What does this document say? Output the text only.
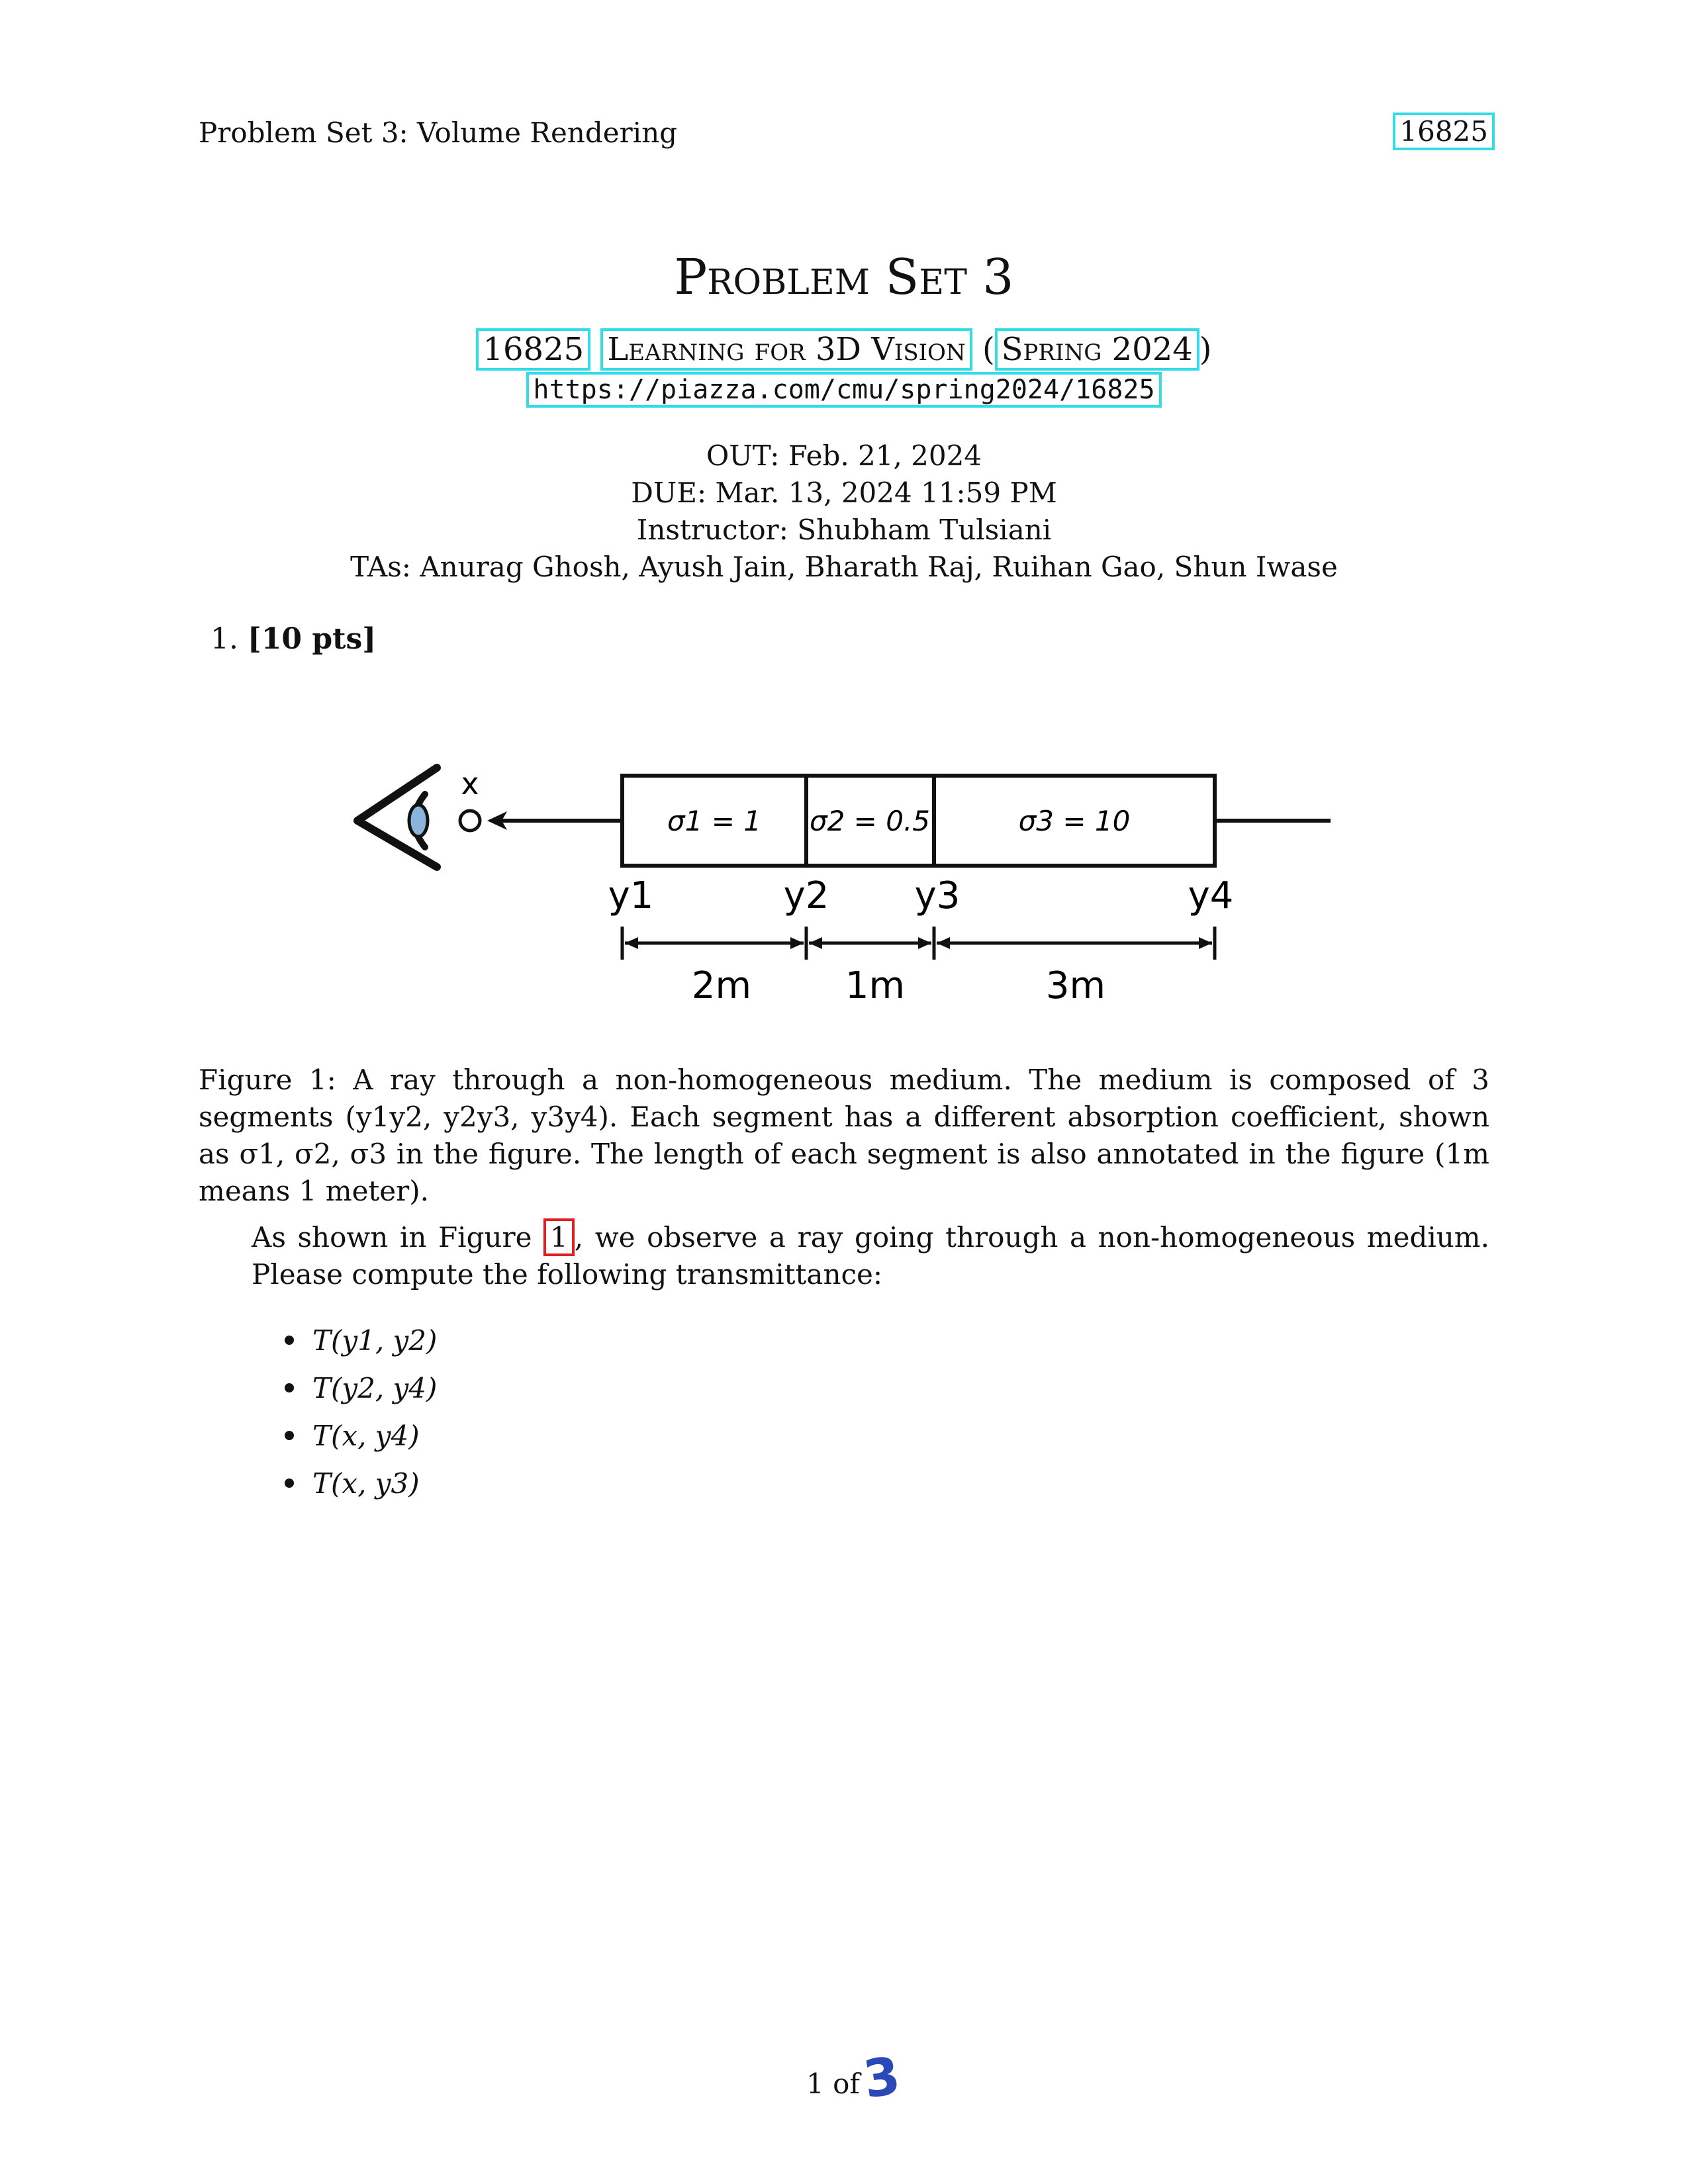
Problem Set 3: Volume Rendering	16825
Problem Set 3
16825 Learning for 3D Vision ( Spring 2024 )
https://piazza.com/cmu/spring2024/16825
OUT: Feb. 21, 2024
DUE: Mar. 13, 2024 11:59 PM
Instructor: Shubham Tulsiani
TAs: Anurag Ghosh, Ayush Jain, Bharath Raj, Ruihan Gao, Shun Iwase
1. [10 pts]
x
σ1 = 1 σ2 = 0.5	σ3 = 10
y1	y2 y3	y4
2m	1m	3m
Figure 1: A ray through a non-homogeneous medium. The medium is composed of 3 segments (y1y2, y2y3, y3y4). Each segment has a different absorption coefficient, shown as σ1, σ2, σ3 in the figure. The length of each segment is also annotated in the figure (1m means 1 meter).
As shown in Figure 1 , we observe a ray going through a non-homogeneous medium. Please compute the following transmittance:
T(y1, y2)
T(y2, y4)
T(x, y4)
T(x, y3)
1 of 3
